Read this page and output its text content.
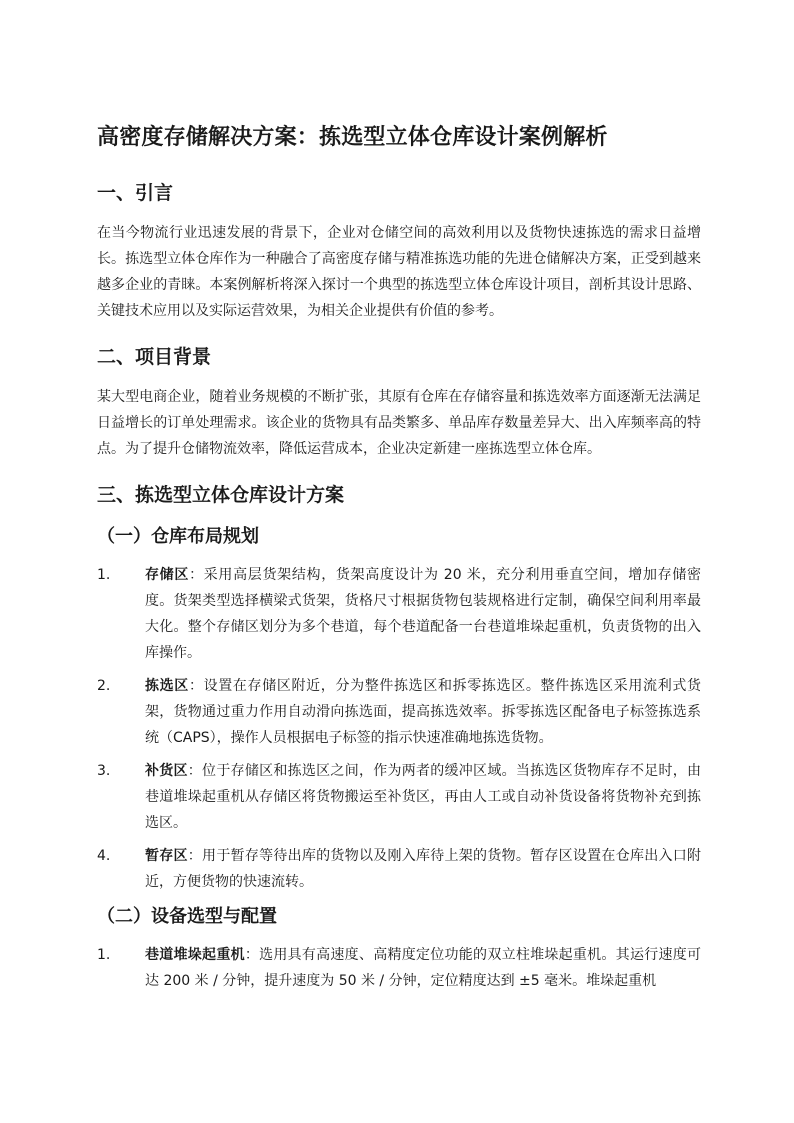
高密度存储解决方案：拣选型立体仓库设计案例解析
一、引言

在当今物流行业迅速发展的背景下，企业对仓储空间的高效利用以及货物快速拣选的需求日益增长。拣选型立体仓库作为一种融合了高密度存储与精准拣选功能的先进仓储解决方案，正受到越来越多企业的青睐。本案例解析将深入探讨一个典型的拣选型立体仓库设计项目，剖析其设计思路、关键技术应用以及实际运营效果，为相关企业提供有价值的参考。

二、项目背景

某大型电商企业，随着业务规模的不断扩张，其原有仓库在存储容量和拣选效率方面逐渐无法满足日益增长的订单处理需求。该企业的货物具有品类繁多、单品库存数量差异大、出入库频率高的特点。为了提升仓储物流效率，降低运营成本，企业决定新建一座拣选型立体仓库。

三、拣选型立体仓库设计方案
（一）仓库布局规划
1. 存储区：采用高层货架结构，货架高度设计为 20 米，充分利用垂直空间，增加存储密度。货架类型选择横梁式货架，货格尺寸根据货物包装规格进行定制，确保空间利用率最大化。整个存储区划分为多个巷道，每个巷道配备一台巷道堆垛起重机，负责货物的出入库操作。
2. 拣选区：设置在存储区附近，分为整件拣选区和拆零拣选区。整件拣选区采用流利式货架，货物通过重力作用自动滑向拣选面，提高拣选效率。拆零拣选区配备电子标签拣选系统（CAPS），操作人员根据电子标签的指示快速准确地拣选货物。
3. 补货区：位于存储区和拣选区之间，作为两者的缓冲区域。当拣选区货物库存不足时，由巷道堆垛起重机从存储区将货物搬运至补货区，再由人工或自动补货设备将货物补充到拣选区。
4. 暂存区：用于暂存等待出库的货物以及刚入库待上架的货物。暂存区设置在仓库出入口附近，方便货物的快速流转。
（二）设备选型与配置
1. 巷道堆垛起重机：选用具有高速度、高精度定位功能的双立柱堆垛起重机。其运行速度可达 200 米 / 分钟，提升速度为 50 米 / 分钟，定位精度达到 ±5 毫米。堆垛起重机
